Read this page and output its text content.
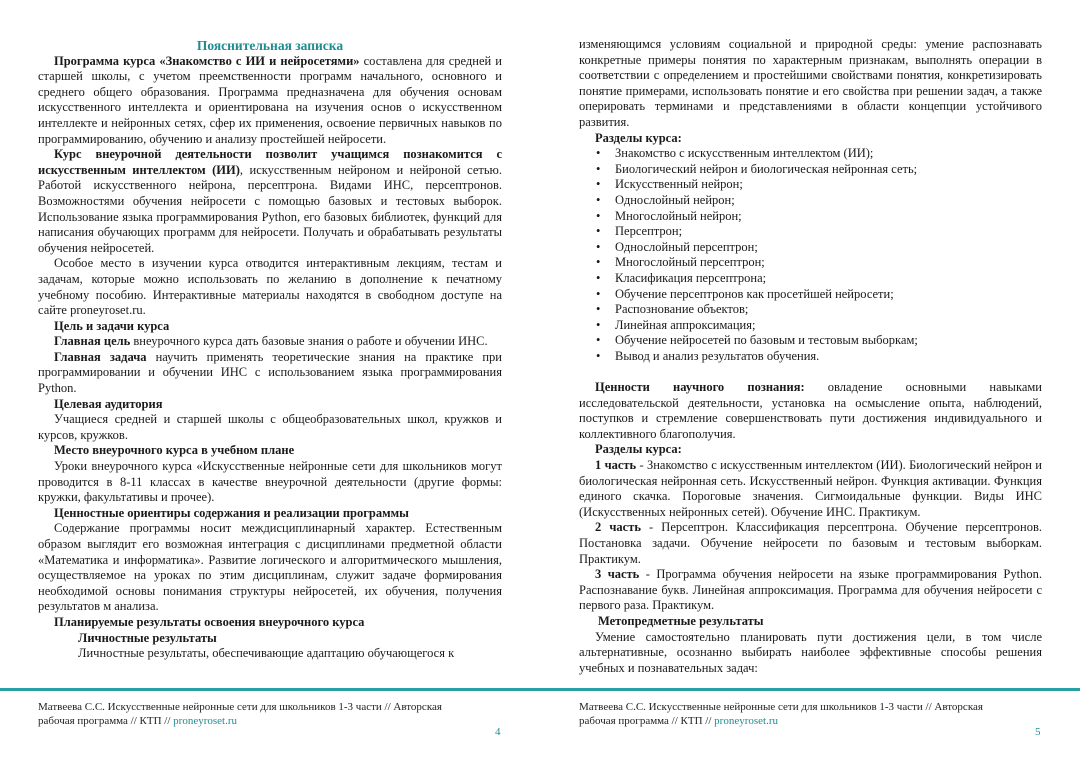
Пояснительная записка

Программа курса «Знакомство с ИИ и нейросетями» составлена для средней и старшей школы, с учетом преемственности программ начального, основного и среднего общего образования. Программа предназначена для обучения основам искусственного интеллекта и ориентирована на изучения основ о искусственном интеллекте и нейронных сетях, сфер их применения, освоение первичных навыков по программированию, обучению и анализу простейшей нейросети.

Курс внеурочной деятельности позволит учащимся познакомится с искусственным интеллектом (ИИ), искусственным нейроном и нейроной сетью. Работой искусственного нейрона, персептрона. Видами ИНС, персептронов. Возможностями обучения нейросети с помощью базовых и тестовых выборок. Использование языка программирования Python, его базовых библиотек, функций для написания обучающих программ для нейросети. Получать и обрабатывать результаты обучения нейросетей.

Особое место в изучении курса отводится интерактивным лекциям, тестам и задачам, которые можно использовать по желанию в дополнение к печатному учебному пособию. Интерактивные материалы находятся в свободном доступе на сайте proneyroset.ru.

Цель и задачи курса

Главная цель внеурочного курса дать базовые знания о работе и обучении ИНС.

Главная задача научить применять теоретические знания на практике при программировании и обучении ИНС с использованием языка программирования Python.

Целевая аудитория

Учащиеся средней и старшей школы с общеобразовательных школ, кружков и курсов, кружков.

Место внеурочного курса в учебном плане

Уроки внеурочного курса «Искусственные нейронные сети для школьников могут проводится в 8-11 классах в качестве внеурочной деятельности (другие формы: кружки, факультативы и прочее).

Ценностные ориентиры содержания и реализации программы

Содержание программы носит междисциплинарный характер. Естественным образом выглядит его возможная интеграция с дисциплинами предметной области «Математика и информатика». Развитие логического и алгоритмического мышления, осуществляемое на уроках по этим дисциплинам, служит задаче формирования необходимой основы понимания структуры нейросетей, их обучения, получения результатов м анализа.

Планируемые результаты освоения внеурочного курса

Личностные результаты

Личностные результаты, обеспечивающие адаптацию обучающегося к

изменяющимся условиям социальной и природной среды: умение распознавать конкретные примеры понятия по характерным признакам, выполнять операции в соответствии с определением и простейшими свойствами понятия, конкретизировать понятие примерами, использовать понятие и его свойства при решении задач, а также оперировать терминами и представлениями в области концепции устойчивого развития.

Разделы курса:

• Знакомство с искусственным интеллектом (ИИ);
• Биологический нейрон и биологическая нейронная сеть;
• Искусственный нейрон;
• Однослойный нейрон;
• Многослойный нейрон;
• Персептрон;
• Однослойный персептрон;
• Многослойный персептрон;
• Класификация персептрона;
• Обучение персептронов как просетйшей нейросети;
• Распознование объектов;
• Линейная аппроксимация;
• Обучение нейросетей по базовым и тестовым выборкам;
• Вывод и анализ результатов обучения.

Ценности научного познания: овладение основными навыками исследовательской деятельности, установка на осмысление опыта, наблюдений, поступков и стремление совершенствовать пути достижения индивидуального и коллективного благополучия.

Разделы курса:

1 часть - Знакомство с искусственным интеллектом (ИИ). Биологический нейрон и биологическая нейронная сеть. Искусственный нейрон. Функция активации. Функция единого скачка. Пороговые значения. Сигмоидальные функции. Виды ИНС (Искусственных нейронных сетей). Обучение ИНС. Практикум.

2 часть - Персептрон. Классификация персептрона. Обучение персептронов. Постановка задачи. Обучение нейросети по базовым и тестовым выборкам. Практикум.

3 часть - Программа обучения нейросети на языке программирования Python. Распознавание букв. Линейная аппроксимация. Программа для обучения нейросети с первого раза. Практикум.

Метопредметные результаты

Умение самостоятельно планировать пути достижения цели, в том числе альтернативные, осознанно выбирать наиболее эффективные способы решения учебных и познавательных задач:

Матвеева С.С. Искусственные нейронные сети для школьников 1-3 части // Авторская
рабочая программа // КТП // proneyroset.ru
4
Матвеева С.С. Искусственные нейронные сети для школьников 1-3 части // Авторская
рабочая программа // КТП // proneyroset.ru
5
